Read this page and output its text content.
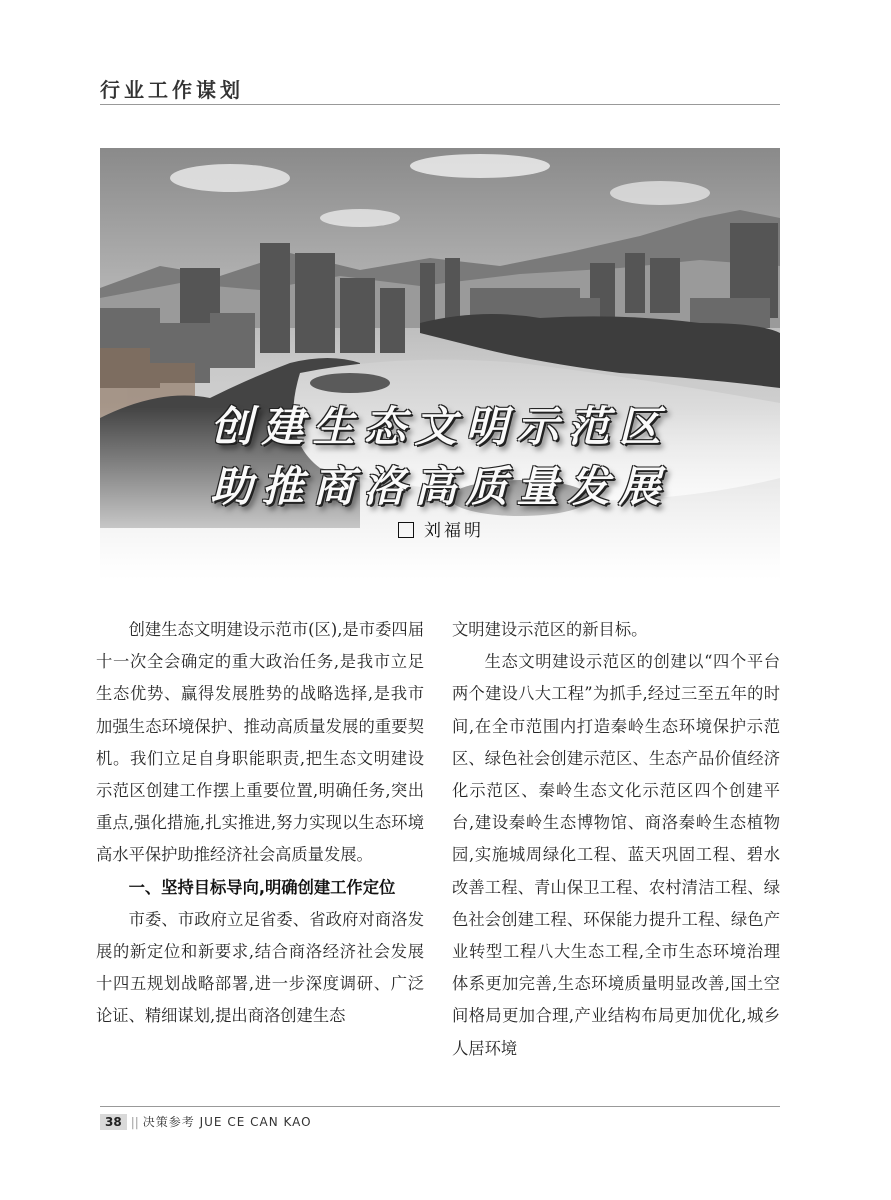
行业工作谋划
创建生态文明示范区
助推商洛高质量发展
刘福明

创建生态文明建设示范市(区),是市委四届十一次全会确定的重大政治任务,是我市立足生态优势、赢得发展胜势的战略选择,是我市加强生态环境保护、推动高质量发展的重要契机。我们立足自身职能职责,把生态文明建设示范区创建工作摆上重要位置,明确任务,突出重点,强化措施,扎实推进,努力实现以生态环境高水平保护助推经济社会高质量发展。

一、坚持目标导向,明确创建工作定位

市委、市政府立足省委、省政府对商洛发展的新定位和新要求,结合商洛经济社会发展十四五规划战略部署,进一步深度调研、广泛论证、精细谋划,提出商洛创建生态

文明建设示范区的新目标。

生态文明建设示范区的创建以“四个平台两个建设八大工程”为抓手,经过三至五年的时间,在全市范围内打造秦岭生态环境保护示范区、绿色社会创建示范区、生态产品价值经济化示范区、秦岭生态文化示范区四个创建平台,建设秦岭生态博物馆、商洛秦岭生态植物园,实施城周绿化工程、蓝天巩固工程、碧水改善工程、青山保卫工程、农村清洁工程、绿色社会创建工程、环保能力提升工程、绿色产业转型工程八大生态工程,全市生态环境治理体系更加完善,生态环境质量明显改善,国土空间格局更加合理,产业结构布局更加优化,城乡人居环境

38 || 决策参考 JUE CE CAN KAO
